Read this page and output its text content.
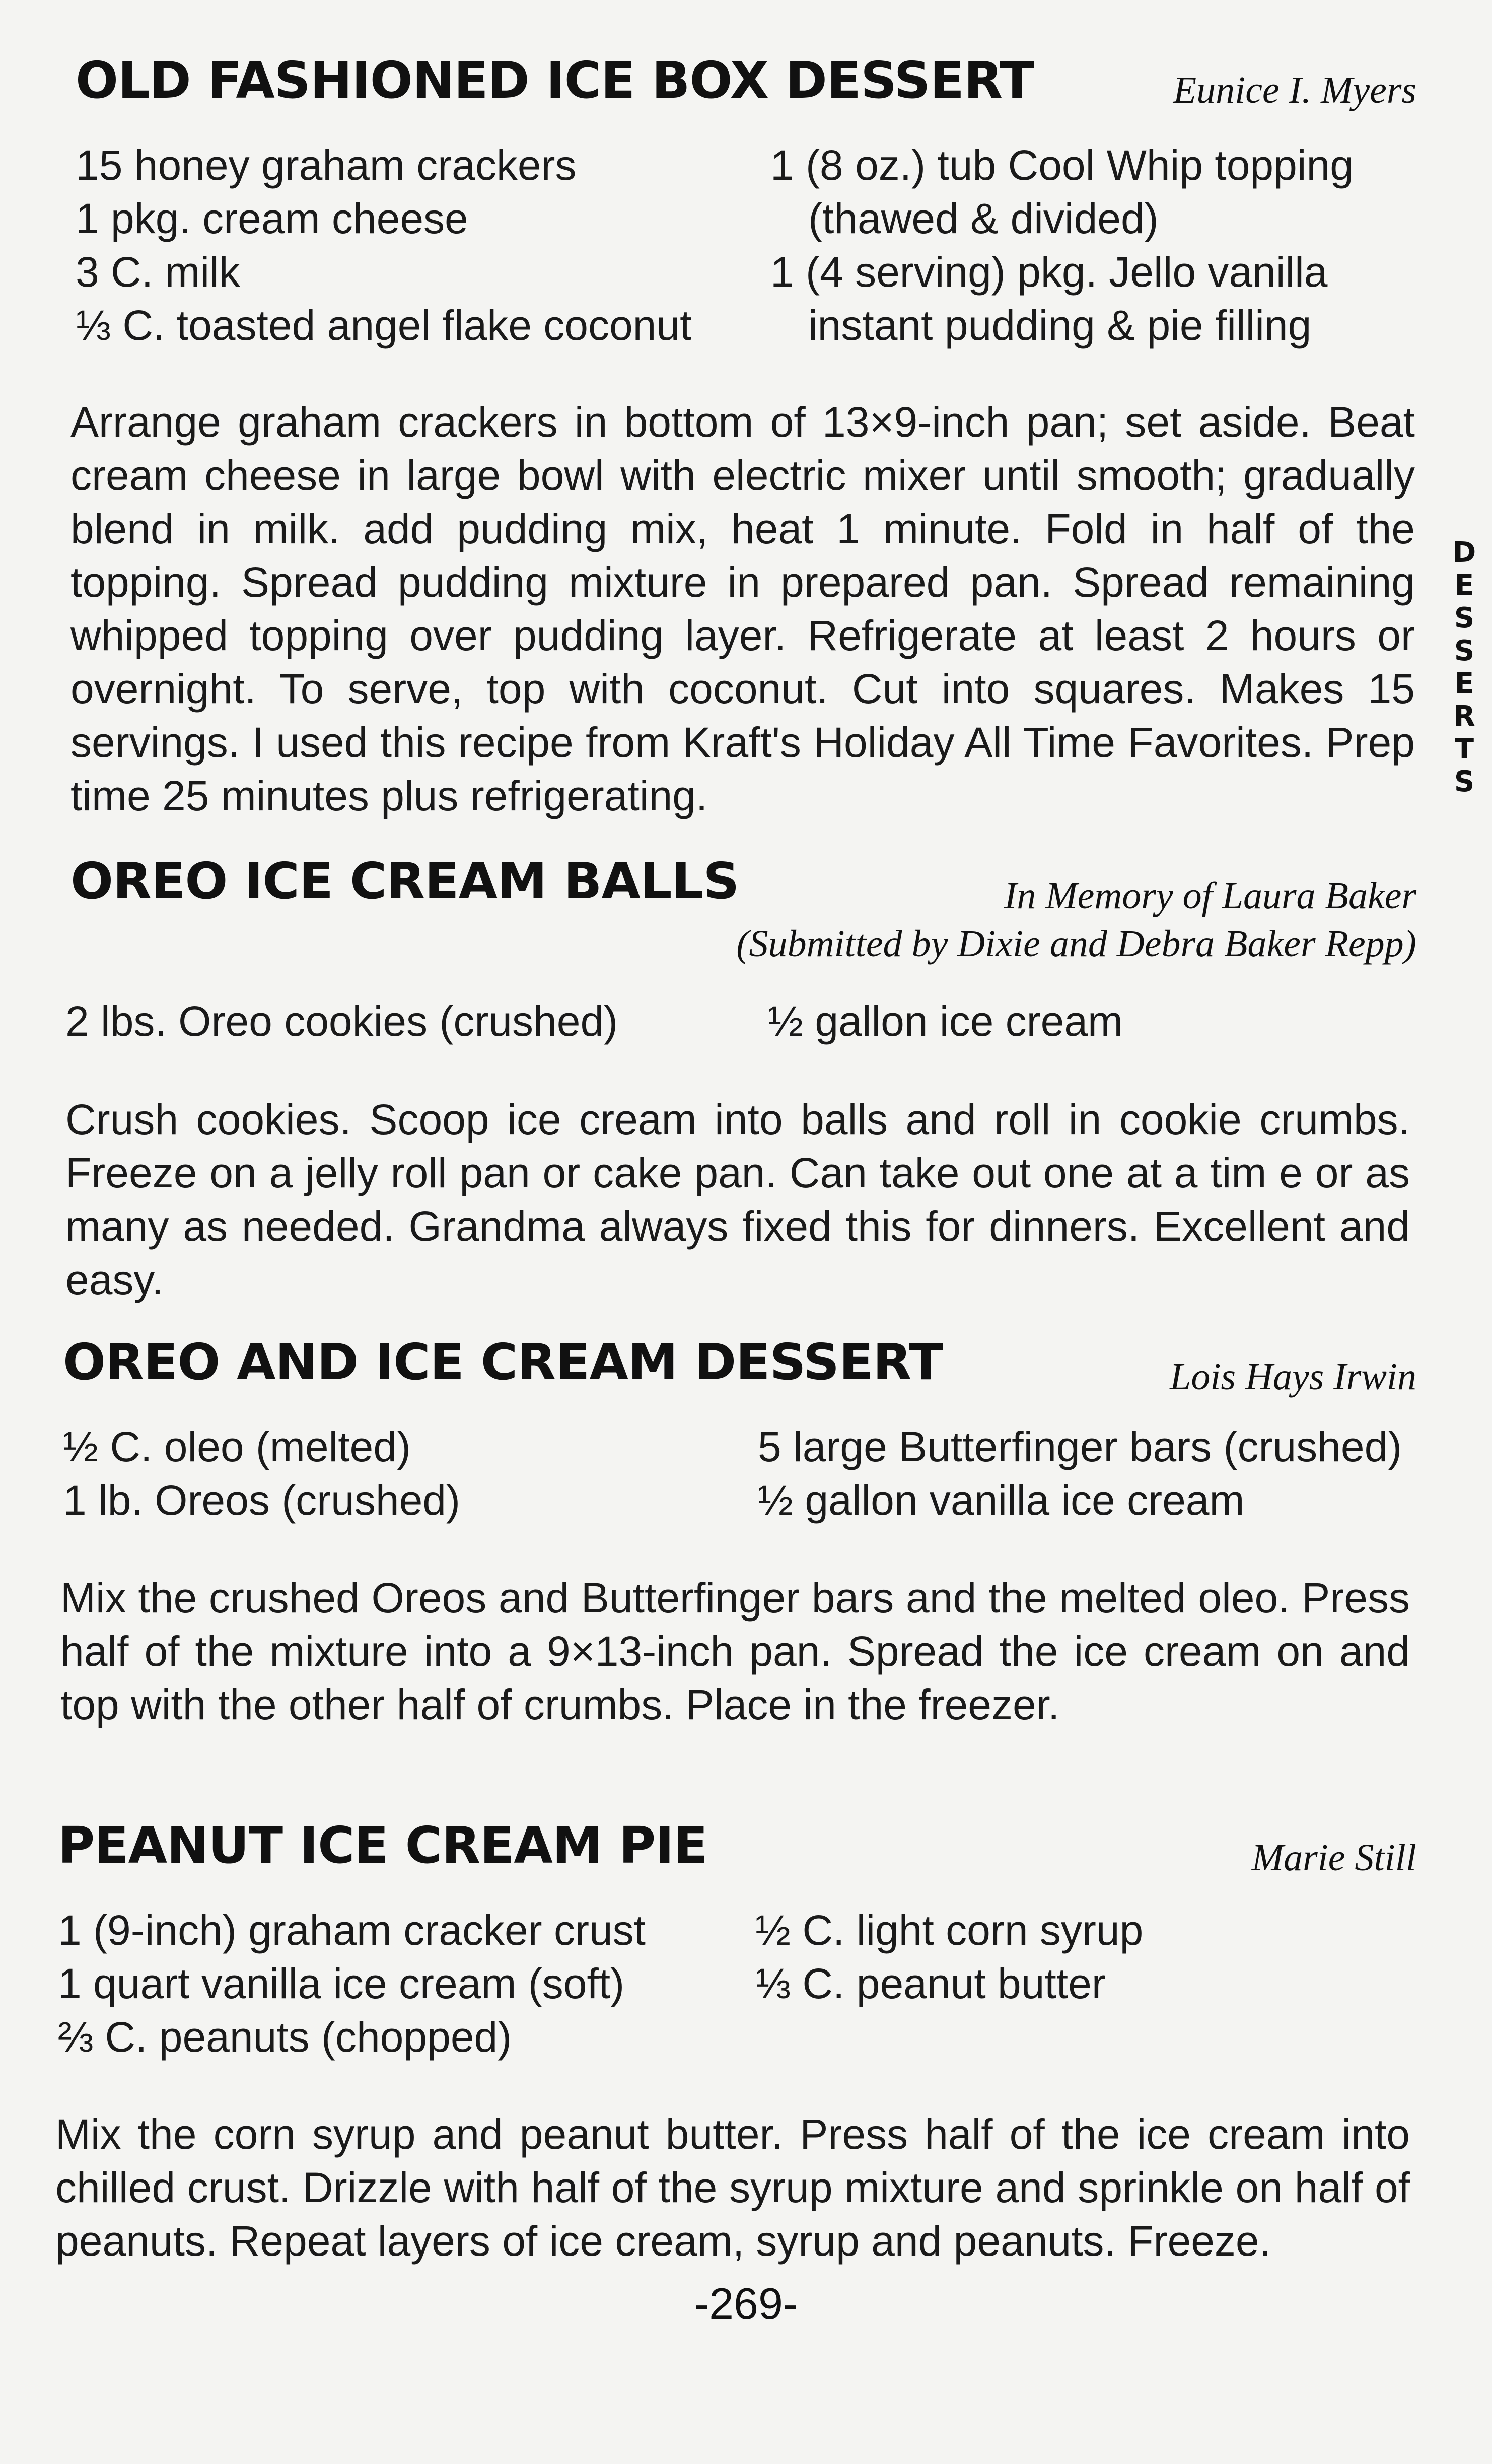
OLD FASHIONED ICE BOX DESSERT	Eunice I. Myers
15 honey graham crackers
1 pkg. cream cheese
3 C. milk
⅓ C. toasted angel flake coconut
1 (8 oz.) tub Cool Whip topping (thawed & divided)
1 (4 serving) pkg. Jello vanilla instant pudding & pie filling

Arrange graham crackers in bottom of 13×9-inch pan; set aside. Beat cream cheese in large bowl with electric mixer until smooth; gradually blend in milk. add pudding mix, heat 1 minute. Fold in half of the topping. Spread pudding mixture in prepared pan. Spread remaining whipped topping over pudding layer. Refrigerate at least 2 hours or overnight. To serve, top with coconut. Cut into squares. Makes 15 servings. I used this recipe from Kraft's Holiday All Time Favorites. Prep time 25 minutes plus refrigerating.

OREO ICE CREAM BALLS	In Memory of Laura Baker
(Submitted by Dixie and Debra Baker Repp)
2 lbs. Oreo cookies (crushed)	½ gallon ice cream

Crush cookies. Scoop ice cream into balls and roll in cookie crumbs. Freeze on a jelly roll pan or cake pan. Can take out one at a tim e or as many as needed. Grandma always fixed this for dinners. Excellent and easy.

OREO AND ICE CREAM DESSERT	Lois Hays Irwin
½ C. oleo (melted)
1 lb. Oreos (crushed)
5 large Butterfinger bars (crushed)
½ gallon vanilla ice cream

Mix the crushed Oreos and Butterfinger bars and the melted oleo. Press half of the mixture into a 9×13-inch pan. Spread the ice cream on and top with the other half of crumbs. Place in the freezer.

PEANUT ICE CREAM PIE	Marie Still
1 (9-inch) graham cracker crust
1 quart vanilla ice cream (soft)
⅔ C. peanuts (chopped)
½ C. light corn syrup
⅓ C. peanut butter

Mix the corn syrup and peanut butter. Press half of the ice cream into chilled crust. Drizzle with half of the syrup mixture and sprinkle on half of peanuts. Repeat layers of ice cream, syrup and peanuts. Freeze.

D
E
S
S
E
R
T
S
-269-
